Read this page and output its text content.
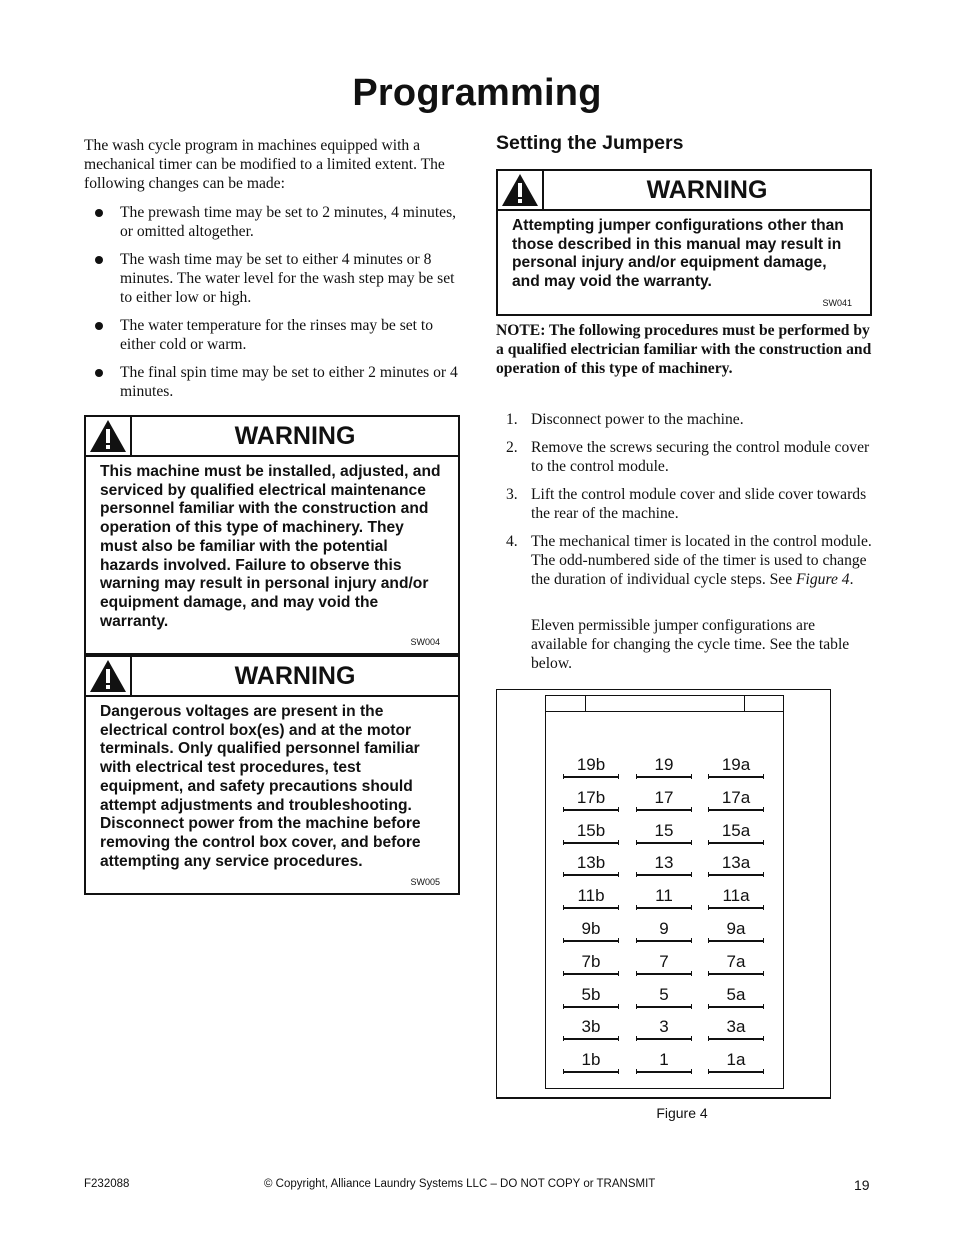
Programming

The wash cycle program in machines equipped with a mechanical timer can be modified to a limited extent. The following changes can be made:

The prewash time may be set to 2 minutes, 4 minutes, or omitted altogether.
The wash time may be set to either 4 minutes or 8 minutes. The water level for the wash step may be set to either low or high.
The water temperature for the rinses may be set to either cold or warm.
The final spin time may be set to either 2 minutes or 4 minutes.
WARNING
This machine must be installed, adjusted, and serviced by qualified electrical maintenance personnel familiar with the construction and operation of this type of machinery. They must also be familiar with the potential hazards involved. Failure to observe this warning may result in personal injury and/or equipment damage, and may void the warranty.
SW004
WARNING
Dangerous voltages are present in the electrical control box(es) and at the motor terminals. Only qualified personnel familiar with electrical test procedures, test equipment, and safety precautions should attempt adjustments and troubleshooting. Disconnect power from the machine before removing the control box cover, and before attempting any service procedures.
SW005
Setting the Jumpers
WARNING
Attempting jumper configurations other than those described in this manual may result in personal injury and/or equipment damage, and may void the warranty.
SW041

NOTE: The following procedures must be performed by a qualified electrician familiar with the construction and operation of this type of machinery.

1. Disconnect power to the machine.
2. Remove the screws securing the control module cover to the control module.
3. Lift the control module cover and slide cover towards the rear of the machine.
4. The mechanical timer is located in the control module. The odd-numbered side of the timer is used to change the duration of individual cycle steps. See Figure 4.

Eleven permissible jumper configurations are available for changing the cycle time. See the table below.

19b	19	19a
17b	17	17a
15b	15	15a
13b	13	13a
11b	11	11a
9b	9	9a
7b	7	7a
5b	5	5a
3b	3	3a
1b	1	1a
Figure 4
F232088	© Copyright, Alliance Laundry Systems LLC – DO NOT COPY or TRANSMIT	19
